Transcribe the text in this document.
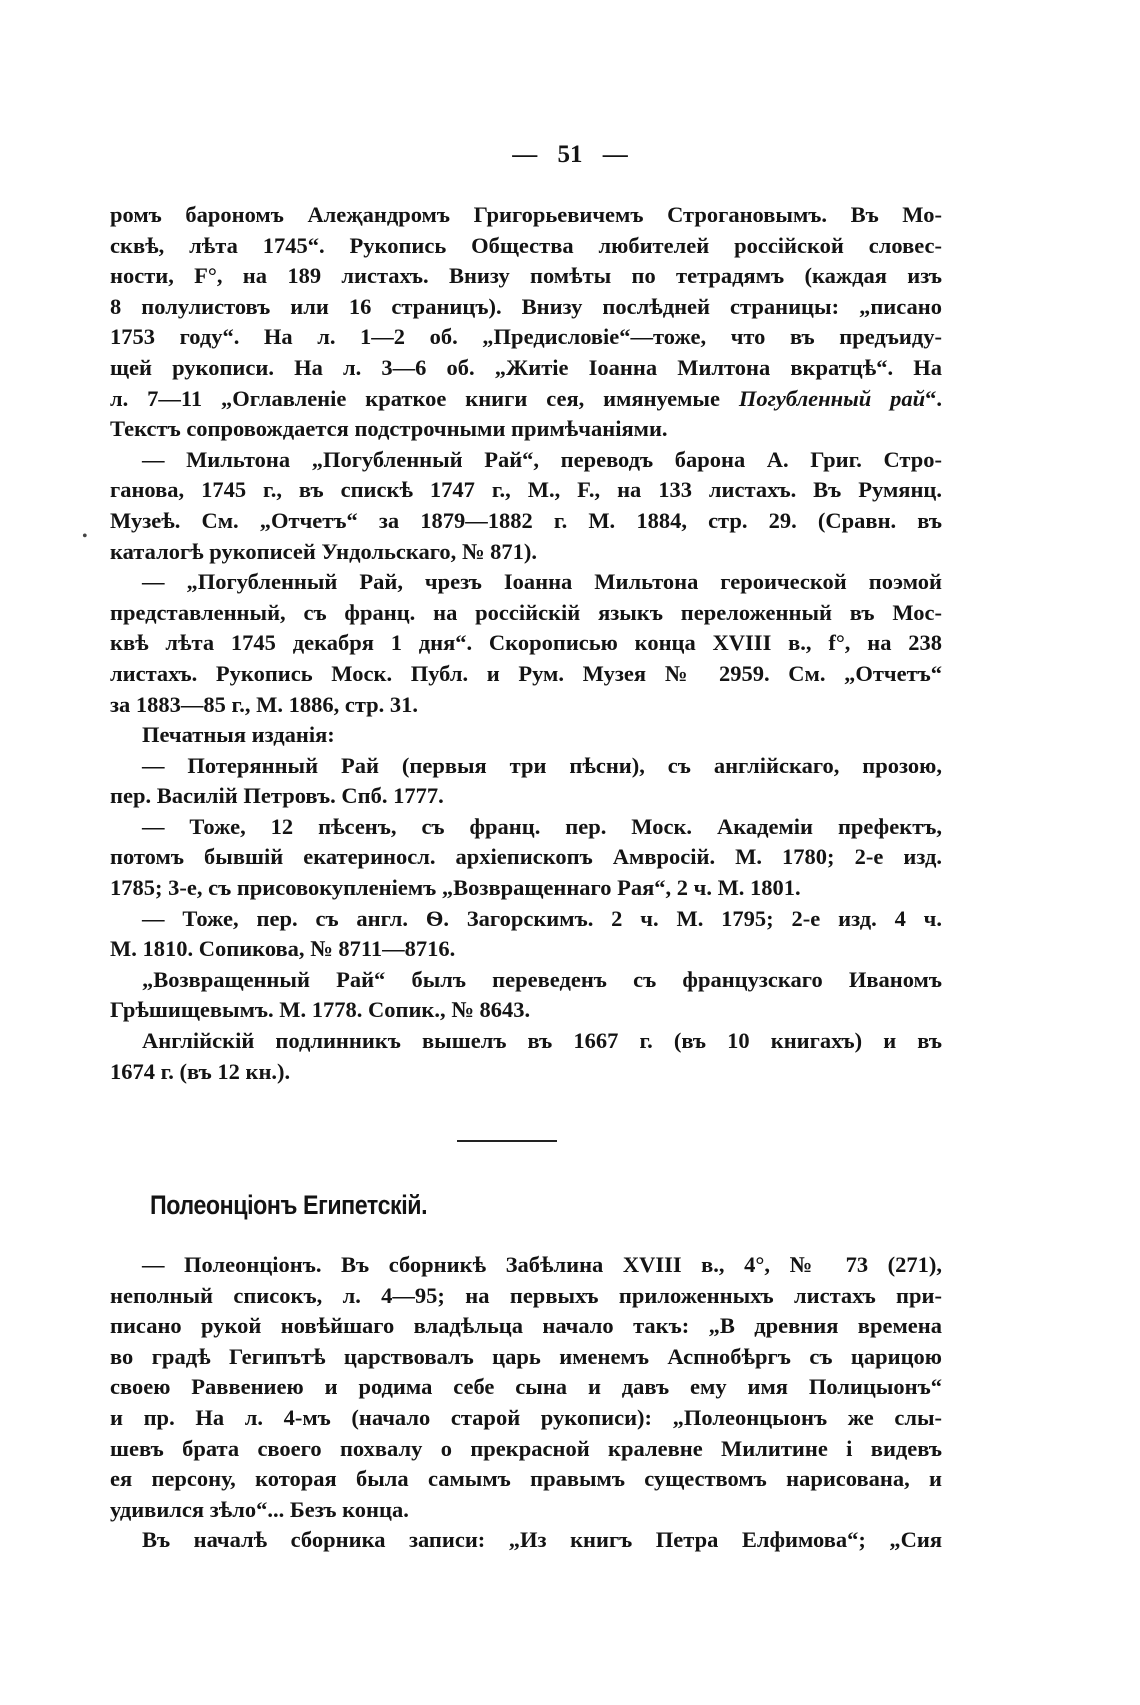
— 51 —
•

ромъ барономъ Алеҗандромъ Григорьевичемъ Строгановымъ. Въ Мо-
сквѣ, лѣта 1745“. Рукопись Общества любителей россійской словес-
ности, F°, на 189 листахъ. Внизу помѣты по тетрадямъ (каждая изъ
8 полулистовъ или 16 страницъ). Внизу послѣдней страницы: „писано
1753 году“. На л. 1—2 об. „Предисловіе“—тоже, что въ предъиду-
щей рукописи. На л. 3—6 об. „Житіе Іоанна Милтона вкратцѣ“. На
л. 7—11 „Оглавленіе краткое книги сея, имянуемые Погубленный рай“.
Текстъ сопровождается подстрочными примѣчаніями.

— Мильтона „Погубленный Рай“, переводъ барона А. Григ. Стро-
ганова, 1745 г., въ спискѣ 1747 г., М., F., на 133 листахъ. Въ Румянц.
Музеѣ. См. „Отчетъ“ за 1879—1882 г. М. 1884, стр. 29. (Сравн. въ
каталогѣ рукописей Ундольскаго, № 871).

— „Погубленный Рай, чрезъ Іоанна Мильтона героической поэмой
представленный, съ франц. на россійскій языкъ переложенный въ Мос-
квѣ лѣта 1745 декабря 1 дня“. Скорописью конца XVIII в., f°, на 238
листахъ. Рукопись Моск. Публ. и Рум. Музея № 2959. См. „Отчетъ“
за 1883—85 г., М. 1886, стр. 31.

Печатныя изданія:

— Потерянный Рай (первыя три пѣсни), съ англійскаго, прозою,
пер. Василій Петровъ. Спб. 1777.

— Тоже, 12 пѣсенъ, съ франц. пер. Моск. Академіи префектъ,
потомъ бывшій екатериносл. архіепископъ Амвросій. М. 1780; 2-е изд.
1785; 3-е, съ присовокупленіемъ „Возвращеннаго Рая“, 2 ч. М. 1801.

— Тоже, пер. съ англ. Ѳ. Загорскимъ. 2 ч. М. 1795; 2-е изд. 4 ч.
М. 1810. Сопикова, № 8711—8716.

„Возвращенный Рай“ былъ переведенъ съ французскаго Иваномъ
Грѣшищевымъ. М. 1778. Сопик., № 8643.

Англійскій подлинникъ вышелъ въ 1667 г. (въ 10 книгахъ) и въ
1674 г. (въ 12 кн.).

Полеонціонъ Египетскій.

— Полеонціонъ. Въ сборникѣ Забѣлина XVIII в., 4°, № 73 (271),
неполный списокъ, л. 4—95; на первыхъ приложенныхъ листахъ при-
писано рукой новѣйшаго владѣльца начало такъ: „В древния времена
во градѣ Гегипътѣ царствовалъ царь именемъ Аспнобѣргъ съ царицою
своею Раввениею и родима себе сына и давъ ему имя Полицыонъ“
и пр. На л. 4-мъ (начало старой рукописи): „Полеонцыонъ же слы-
шевъ брата своего похвалу о прекрасной кралевне Милитине і видевъ
ея персону, которая была самымъ правымъ существомъ нарисована, и
удивился зѣло“... Безъ конца.

Въ началѣ сборника записи: „Из книгъ Петра Елфимова“; „Сия
